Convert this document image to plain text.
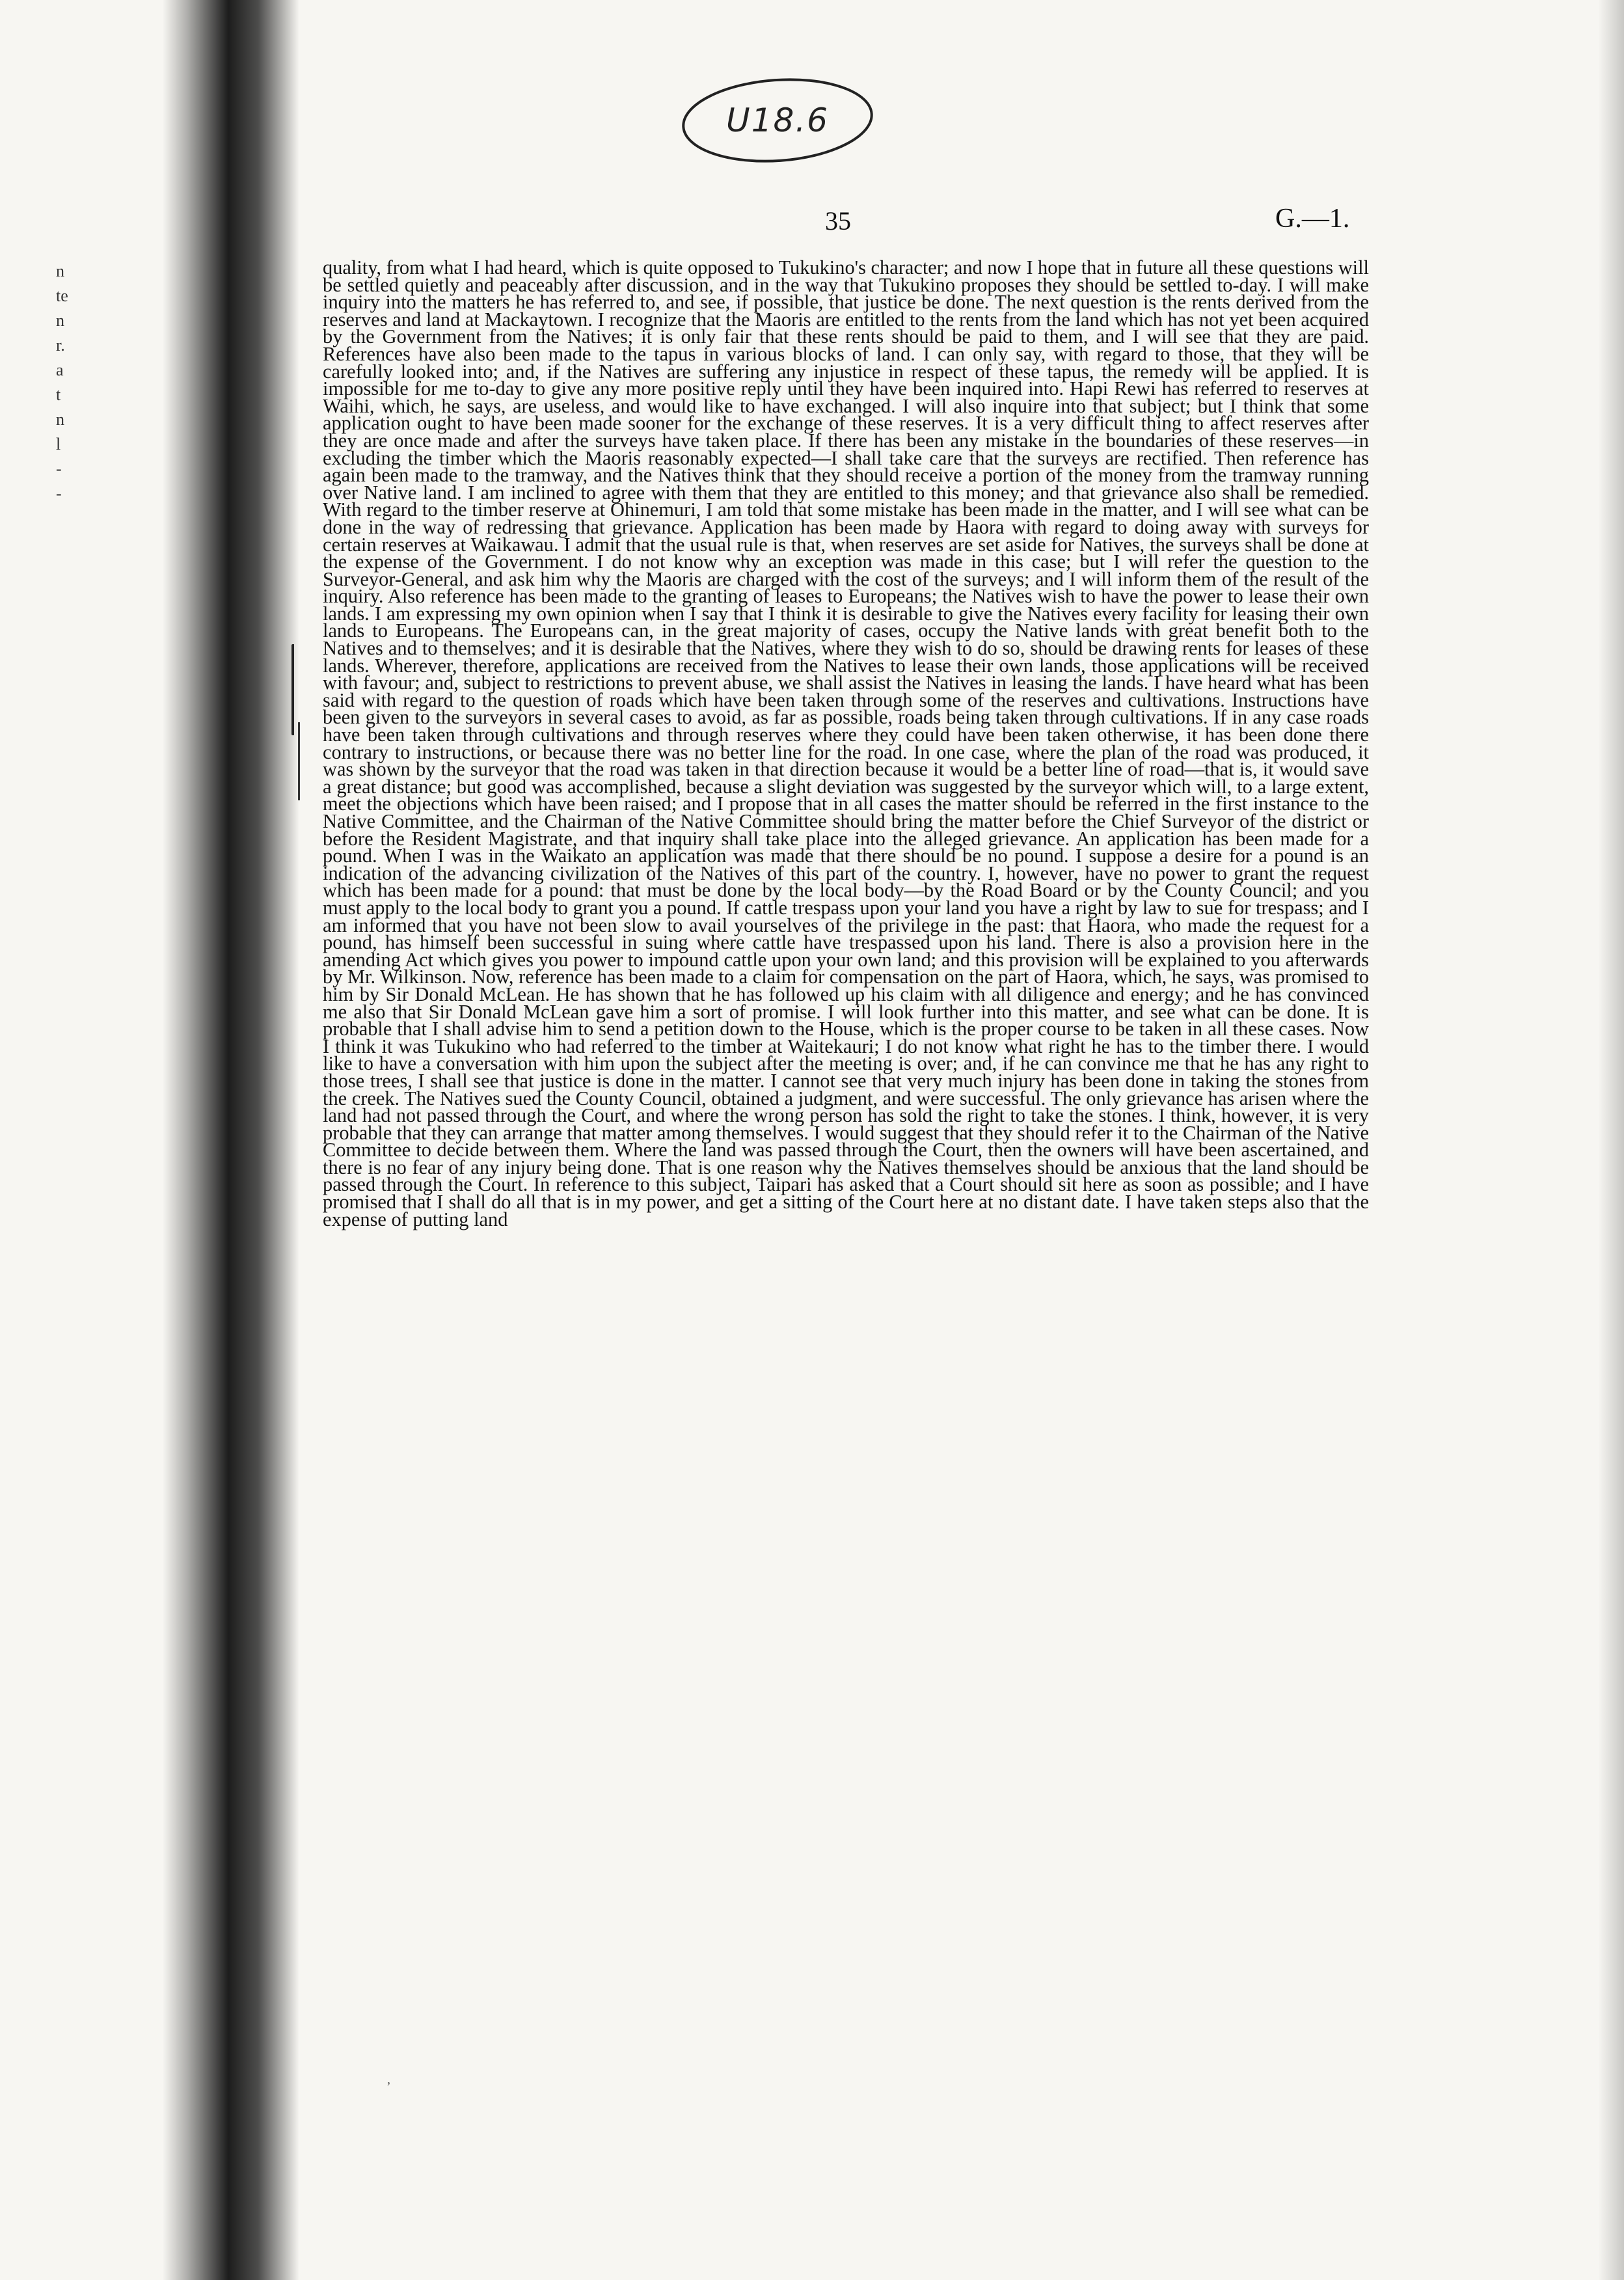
n
te
n
r.
a
t
n
l
-
-
U18.6
35	G.—1.
quality, from what I had heard, which is quite opposed to Tukukino's character; and now I hope that in future all these questions will be settled quietly and peaceably after discussion, and in the way that Tukukino proposes they should be settled to-day. I will make inquiry into the matters he has referred to, and see, if possible, that justice be done. The next question is the rents derived from the reserves and land at Mackaytown. I recognize that the Maoris are entitled to the rents from the land which has not yet been acquired by the Government from the Natives; it is only fair that these rents should be paid to them, and I will see that they are paid. References have also been made to the tapus in various blocks of land. I can only say, with regard to those, that they will be carefully looked into; and, if the Natives are suffering any injustice in respect of these tapus, the remedy will be applied. It is impossible for me to-day to give any more positive reply until they have been inquired into. Hapi Rewi has referred to reserves at Waihi, which, he says, are useless, and would like to have exchanged. I will also inquire into that subject; but I think that some application ought to have been made sooner for the exchange of these reserves. It is a very difficult thing to affect reserves after they are once made and after the surveys have taken place. If there has been any mistake in the boundaries of these reserves—in excluding the timber which the Maoris reasonably expected—I shall take care that the surveys are rectified. Then reference has again been made to the tramway, and the Natives think that they should receive a portion of the money from the tramway running over Native land. I am inclined to agree with them that they are entitled to this money; and that grievance also shall be remedied. With regard to the timber reserve at Ohinemuri, I am told that some mistake has been made in the matter, and I will see what can be done in the way of redressing that grievance. Application has been made by Haora with regard to doing away with surveys for certain reserves at Waikawau. I admit that the usual rule is that, when reserves are set aside for Natives, the surveys shall be done at the expense of the Government. I do not know why an exception was made in this case; but I will refer the question to the Surveyor-General, and ask him why the Maoris are charged with the cost of the surveys; and I will inform them of the result of the inquiry. Also reference has been made to the granting of leases to Europeans; the Natives wish to have the power to lease their own lands. I am expressing my own opinion when I say that I think it is desirable to give the Natives every facility for leasing their own lands to Europeans. The Europeans can, in the great majority of cases, occupy the Native lands with great benefit both to the Natives and to themselves; and it is desirable that the Natives, where they wish to do so, should be drawing rents for leases of these lands. Wherever, therefore, applications are received from the Natives to lease their own lands, those applications will be received with favour; and, subject to restrictions to prevent abuse, we shall assist the Natives in leasing the lands. I have heard what has been said with regard to the question of roads which have been taken through some of the reserves and cultivations. Instructions have been given to the surveyors in several cases to avoid, as far as possible, roads being taken through cultivations. If in any case roads have been taken through cultivations and through reserves where they could have been taken otherwise, it has been done there contrary to instructions, or because there was no better line for the road. In one case, where the plan of the road was produced, it was shown by the surveyor that the road was taken in that direction because it would be a better line of road—that is, it would save a great distance; but good was accomplished, because a slight deviation was suggested by the surveyor which will, to a large extent, meet the objections which have been raised; and I propose that in all cases the matter should be referred in the first instance to the Native Committee, and the Chairman of the Native Committee should bring the matter before the Chief Surveyor of the district or before the Resident Magistrate, and that inquiry shall take place into the alleged grievance. An application has been made for a pound. When I was in the Waikato an application was made that there should be no pound. I suppose a desire for a pound is an indication of the advancing civilization of the Natives of this part of the country. I, however, have no power to grant the request which has been made for a pound: that must be done by the local body—by the Road Board or by the County Council; and you must apply to the local body to grant you a pound. If cattle trespass upon your land you have a right by law to sue for trespass; and I am informed that you have not been slow to avail yourselves of the privilege in the past: that Haora, who made the request for a pound, has himself been successful in suing where cattle have trespassed upon his land. There is also a provision here in the amending Act which gives you power to impound cattle upon your own land; and this provision will be explained to you afterwards by Mr. Wilkinson. Now, reference has been made to a claim for compensation on the part of Haora, which, he says, was promised to him by Sir Donald McLean. He has shown that he has followed up his claim with all diligence and energy; and he has convinced me also that Sir Donald McLean gave him a sort of promise. I will look further into this matter, and see what can be done. It is probable that I shall advise him to send a petition down to the House, which is the proper course to be taken in all these cases. Now I think it was Tukukino who had referred to the timber at Waitekauri; I do not know what right he has to the timber there. I would like to have a conversation with him upon the subject after the meeting is over; and, if he can convince me that he has any right to those trees, I shall see that justice is done in the matter. I cannot see that very much injury has been done in taking the stones from the creek. The Natives sued the County Council, obtained a judgment, and were successful. The only grievance has arisen where the land had not passed through the Court, and where the wrong person has sold the right to take the stones. I think, however, it is very probable that they can arrange that matter among themselves. I would suggest that they should refer it to the Chairman of the Native Committee to decide between them. Where the land was passed through the Court, then the owners will have been ascertained, and there is no fear of any injury being done. That is one reason why the Natives themselves should be anxious that the land should be passed through the Court. In reference to this subject, Taipari has asked that a Court should sit here as soon as possible; and I have promised that I shall do all that is in my power, and get a sitting of the Court here at no distant date. I have taken steps also that the expense of putting land
’
